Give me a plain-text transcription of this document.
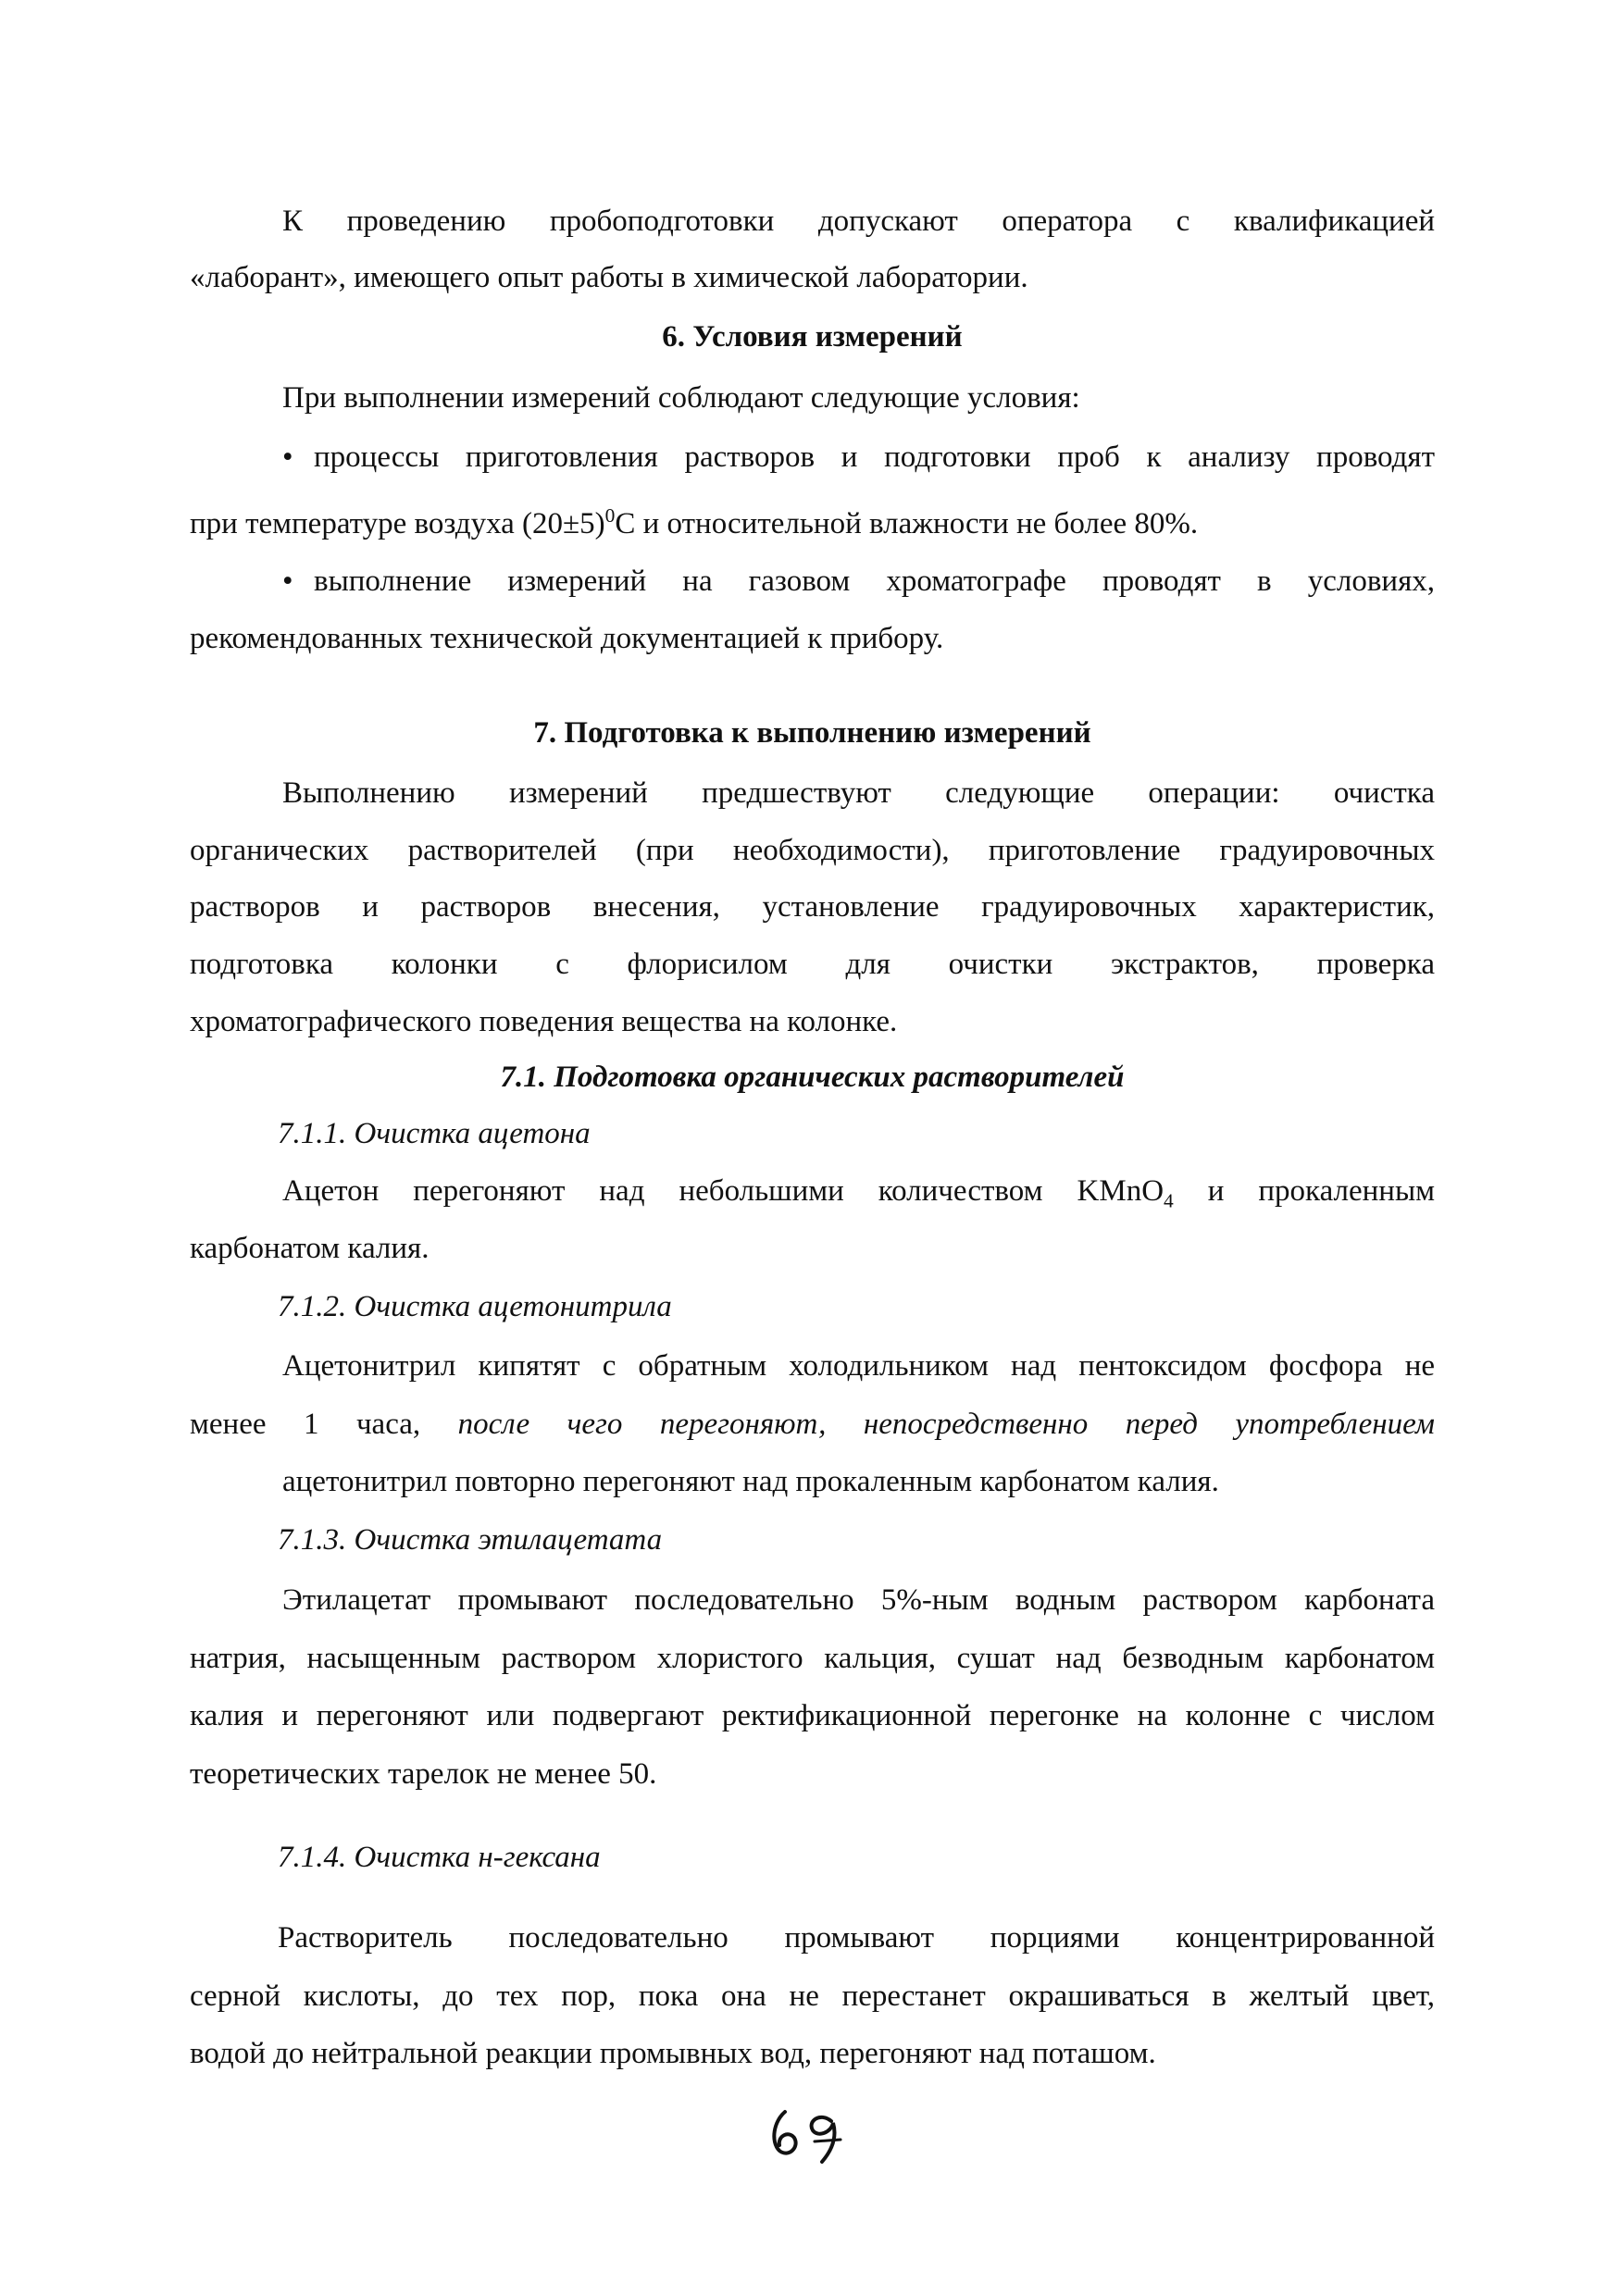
К проведению пробоподготовки допускают оператора с квалификацией
«лаборант», имеющего опыт работы в химической лаборатории.
6. Условия измерений
При выполнении измерений соблюдают следующие условия:
• процессы приготовления растворов и подготовки проб к анализу проводят
при температуре воздуха $(20\pm 5)^0С$ и относительной влажности не более 80%.
• выполнение измерений на газовом хроматографе проводят в условиях,
рекомендованных технической документацией к прибору.
7. Подготовка к выполнению измерений
Выполнению измерений предшествуют следующие операции: очистка
органических растворителей (при необходимости), приготовление градуировочных
растворов и растворов внесения, установление градуировочных характеристик,
подготовка колонки с флорисилом для очистки экстрактов, проверка
хроматографического поведения вещества на колонке.
7.1. Подготовка органических растворителей
7.1.1. Очистка ацетона
Ацетон перегоняют над небольшими количеством KMnO$_4$ и прокаленным
карбонатом калия.
7.1.2. Очистка ацетонитрила
Ацетонитрил кипятят с обратным холодильником над пентоксидом фосфора не
менее 1 часа, после чего перегоняют, непосредственно перед употреблением
ацетонитрил повторно перегоняют над прокаленным карбонатом калия.
7.1.3. Очистка этилацетата
Этилацетат промывают последовательно 5%-ным водным раствором карбоната
натрия, насыщенным раствором хлористого кальция, сушат над безводным карбонатом
калия и перегоняют или подвергают ректификационной перегонке на колонне с числом
теоретических тарелок не менее 50.
7.1.4. Очистка н-гексана
Растворитель последовательно промывают порциями концентрированной
серной кислоты, до тех пор, пока она не перестанет окрашиваться в желтый цвет,
водой до нейтральной реакции промывных вод, перегоняют над поташом.
